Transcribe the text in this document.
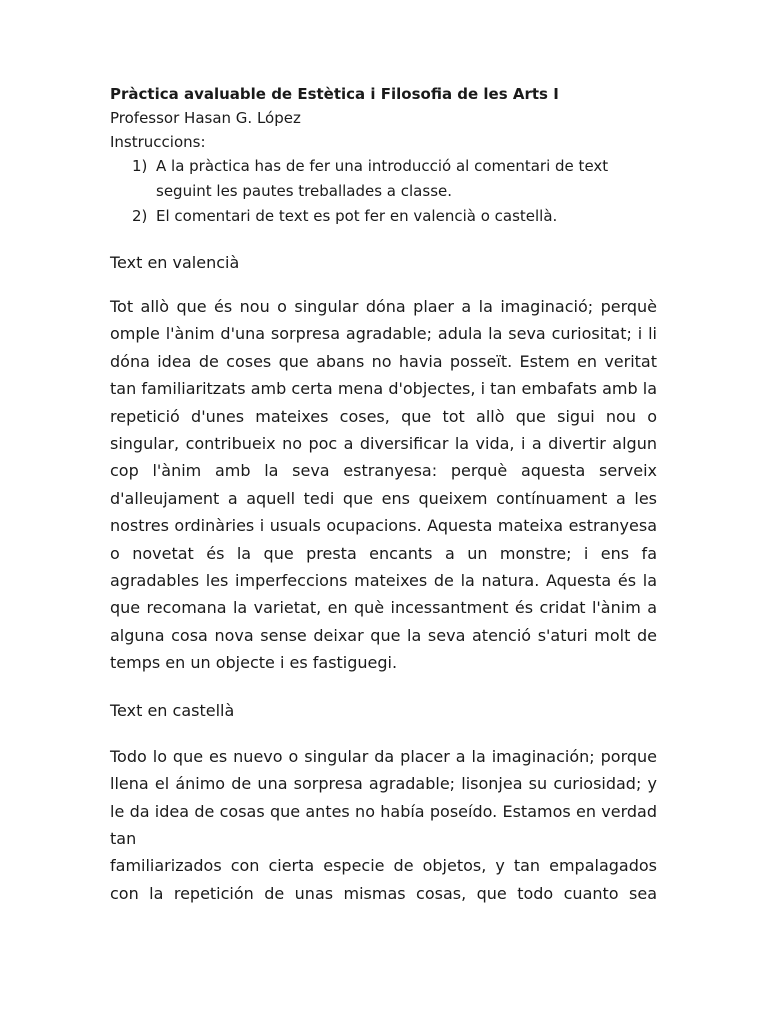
Pràctica avaluable de Estètica i Filosofia de les Arts I

Professor Hasan G. López

Instruccions:

1) A la pràctica has de fer una introducció al comentari de text seguint les pautes treballades a classe.
2) El comentari de text es pot fer en valencià o castellà.

Text en valencià

Tot allò que és nou o singular dóna plaer a la imaginació; perquè omple l'ànim d'una sorpresa agradable; adula la seva curiositat; i li dóna idea de coses que abans no havia posseït. Estem en veritat tan familiaritzats amb certa mena d'objectes, i tan embafats amb la repetició d'unes mateixes coses, que tot allò que sigui nou o singular, contribueix no poc a diversificar la vida, i a divertir algun cop l'ànim amb la seva estranyesa: perquè aquesta serveix d'alleujament a aquell tedi que ens queixem contínuament a les nostres ordinàries i usuals ocupacions. Aquesta mateixa estranyesa o novetat és la que presta encants a un monstre; i ens fa agradables les imperfeccions mateixes de la natura. Aquesta és la que recomana la varietat, en què incessantment és cridat l'ànim a alguna cosa nova sense deixar que la seva atenció s'aturi molt de temps en un objecte i es fastiguegi.

Text en castellà

Todo lo que es nuevo o singular da placer a la imaginación; porque llena el ánimo de una sorpresa agradable; lisonjea su curiosidad; y le da idea de cosas que antes no había poseído. Estamos en verdad tan

familiarizados con cierta especie de objetos, y tan empalagados con la repetición de unas mismas cosas, que todo cuanto sea
